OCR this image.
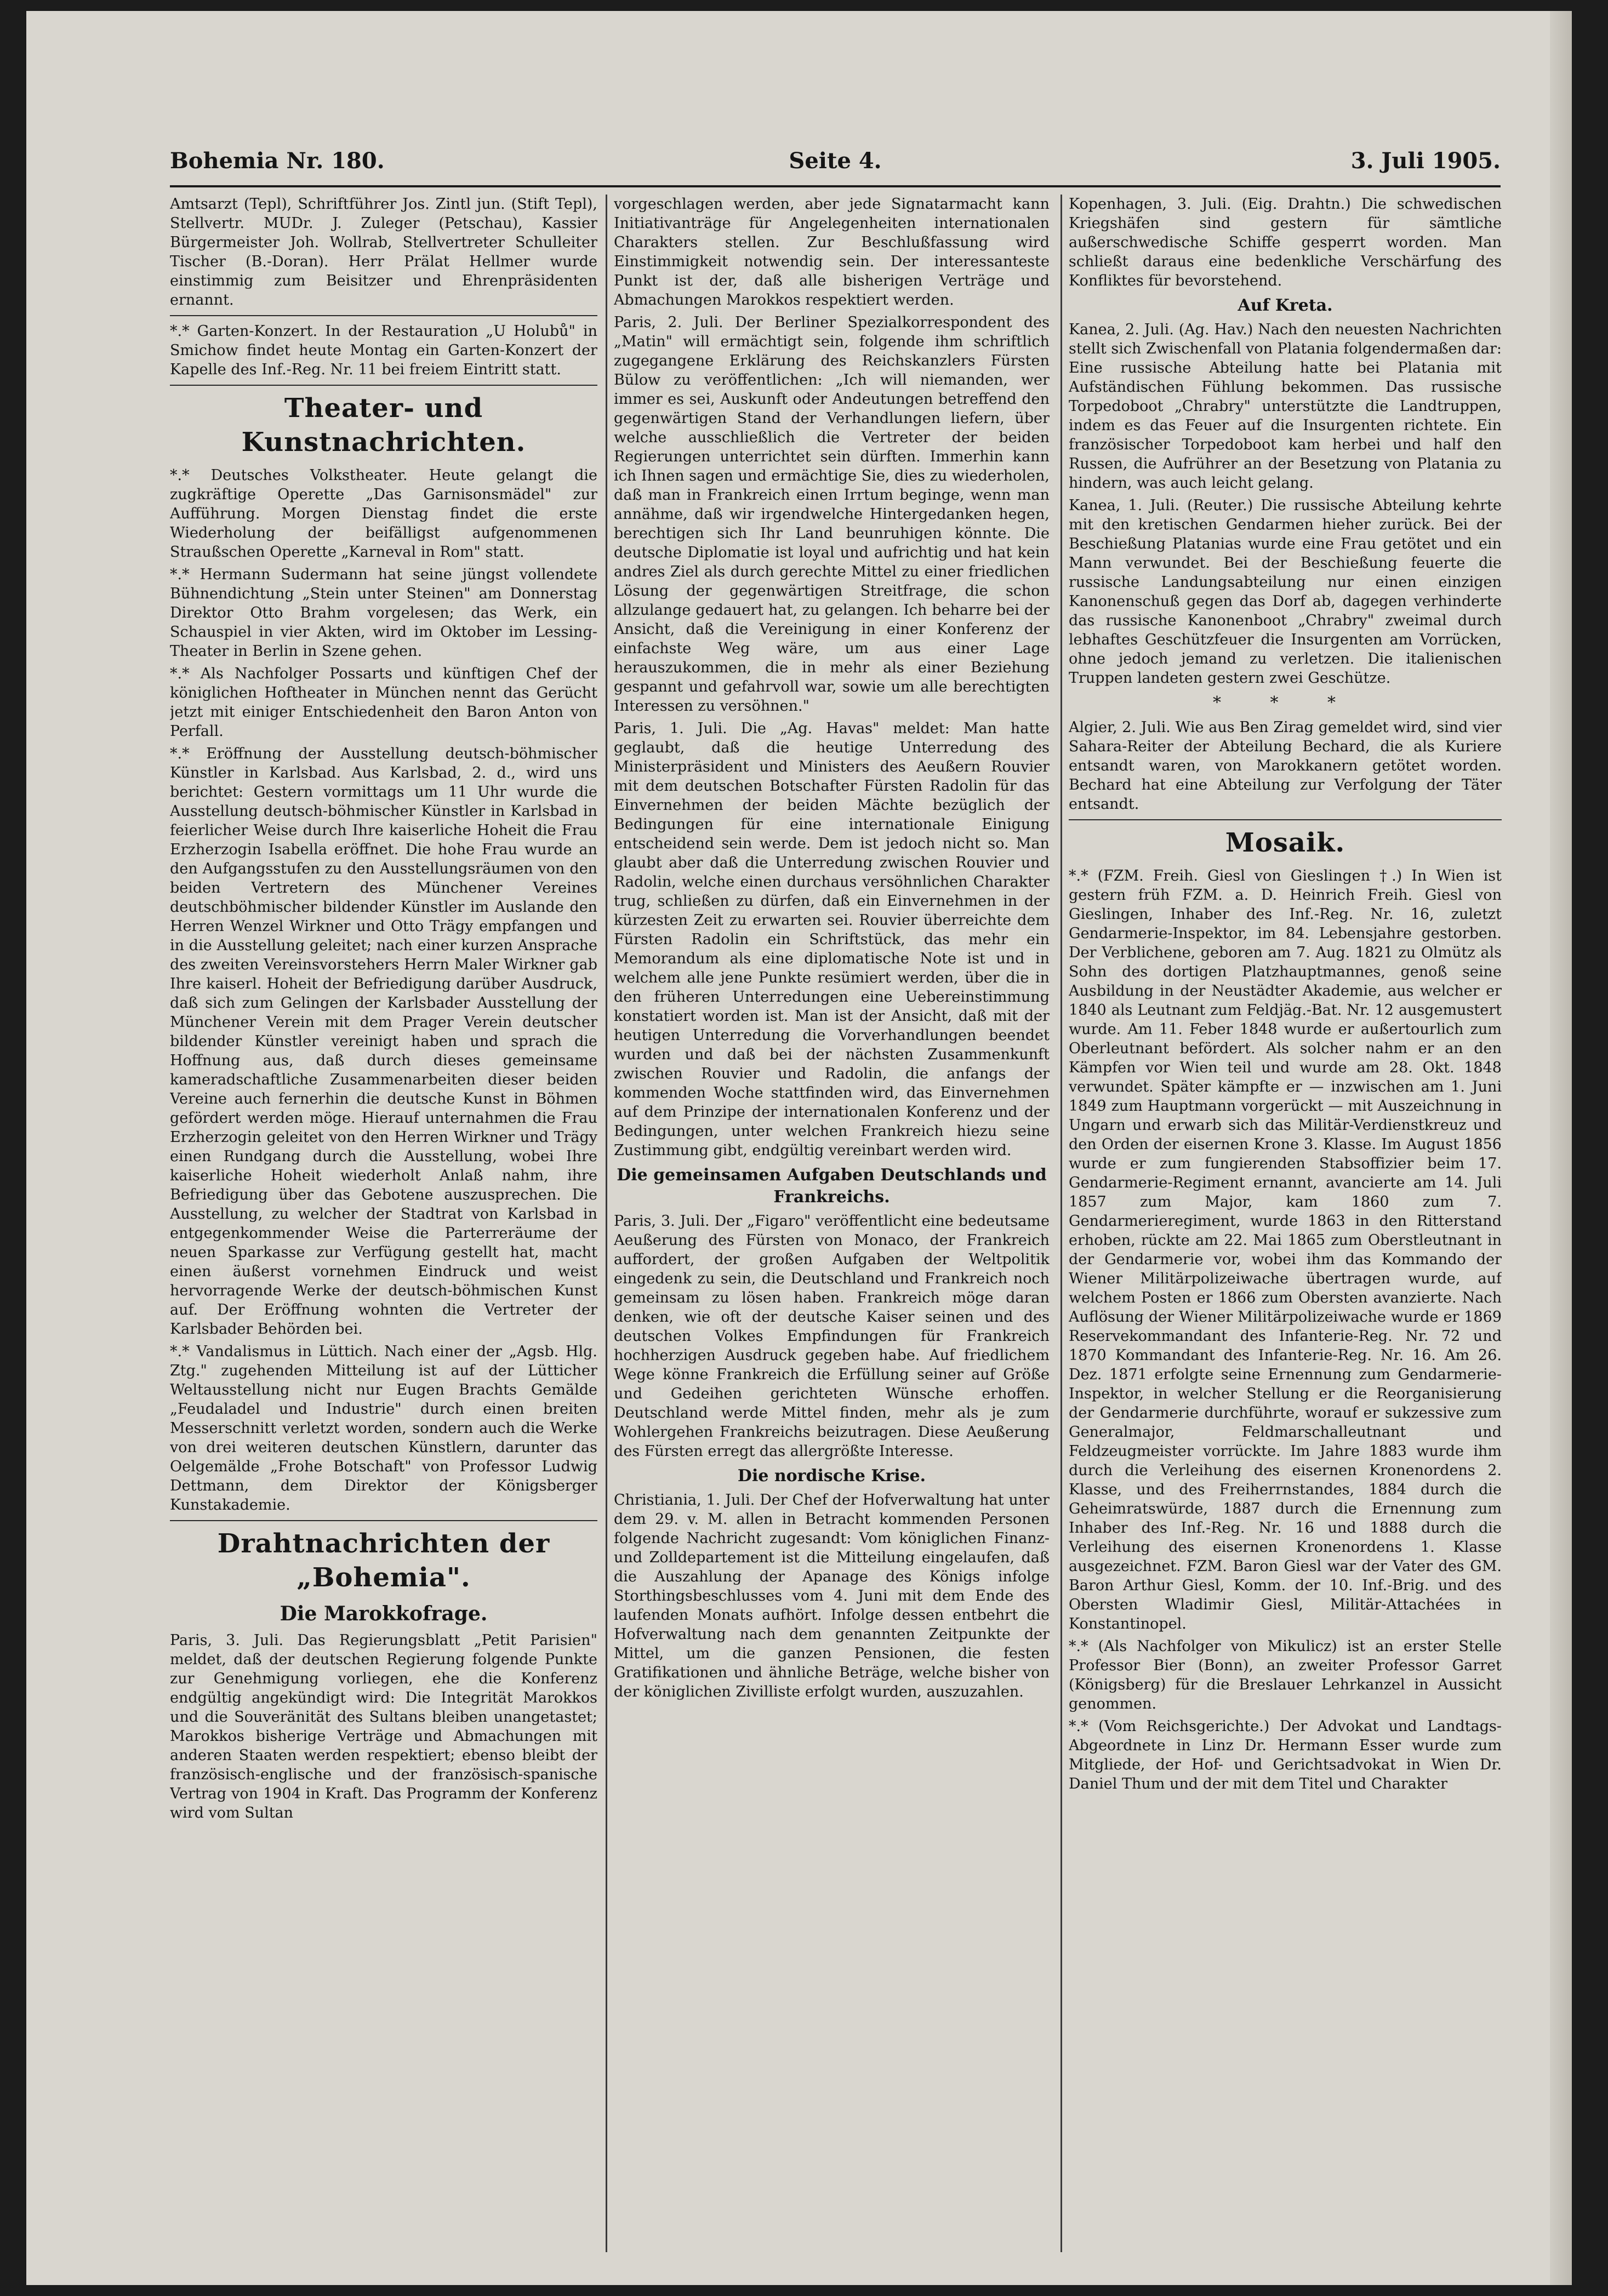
Bohemia Nr. 180.	Seite 4.	3. Juli 1905.

Amtsarzt (Tepl), Schriftführer Jos. Zintl jun. (Stift Tepl), Stellvertr. MUDr. J. Zuleger (Petschau), Kassier Bürgermeister Joh. Wollrab, Stellvertreter Schulleiter Tischer (B.-Doran). Herr Prälat Hellmer wurde einstimmig zum Beisitzer und Ehrenpräsidenten ernannt.

*.* Garten-Konzert. In der Restauration „U Holubů" in Smichow findet heute Montag ein Garten-Konzert der Kapelle des Inf.-Reg. Nr. 11 bei freiem Eintritt statt.

Theater- und Kunstnachrichten.

*.* Deutsches Volkstheater. Heute gelangt die zugkräftige Operette „Das Garnisonsmädel" zur Aufführung. Morgen Dienstag findet die erste Wiederholung der beifälligst aufgenommenen Straußschen Operette „Karneval in Rom" statt.

*.* Hermann Sudermann hat seine jüngst vollendete Bühnendichtung „Stein unter Steinen" am Donnerstag Direktor Otto Brahm vorgelesen; das Werk, ein Schauspiel in vier Akten, wird im Oktober im Lessing-Theater in Berlin in Szene gehen.

*.* Als Nachfolger Possarts und künftigen Chef der königlichen Hoftheater in München nennt das Gerücht jetzt mit einiger Entschiedenheit den Baron Anton von Perfall.

*.* Eröffnung der Ausstellung deutsch-böhmischer Künstler in Karlsbad. Aus Karlsbad, 2. d., wird uns berichtet: Gestern vormittags um 11 Uhr wurde die Ausstellung deutsch-böhmischer Künstler in Karlsbad in feierlicher Weise durch Ihre kaiserliche Hoheit die Frau Erzherzogin Isabella eröffnet. Die hohe Frau wurde an den Aufgangsstufen zu den Ausstellungsräumen von den beiden Vertretern des Münchener Vereines deutschböhmischer bildender Künstler im Auslande den Herren Wenzel Wirkner und Otto Trägy empfangen und in die Ausstellung geleitet; nach einer kurzen Ansprache des zweiten Vereinsvorstehers Herrn Maler Wirkner gab Ihre kaiserl. Hoheit der Befriedigung darüber Ausdruck, daß sich zum Gelingen der Karlsbader Ausstellung der Münchener Verein mit dem Prager Verein deutscher bildender Künstler vereinigt haben und sprach die Hoffnung aus, daß durch dieses gemeinsame kameradschaftliche Zusammenarbeiten dieser beiden Vereine auch fernerhin die deutsche Kunst in Böhmen gefördert werden möge. Hierauf unternahmen die Frau Erzherzogin geleitet von den Herren Wirkner und Trägy einen Rundgang durch die Ausstellung, wobei Ihre kaiserliche Hoheit wiederholt Anlaß nahm, ihre Befriedigung über das Gebotene auszusprechen. Die Ausstellung, zu welcher der Stadtrat von Karlsbad in entgegenkommender Weise die Parterreräume der neuen Sparkasse zur Verfügung gestellt hat, macht einen äußerst vornehmen Eindruck und weist hervorragende Werke der deutsch-böhmischen Kunst auf. Der Eröffnung wohnten die Vertreter der Karlsbader Behörden bei.

*.* Vandalismus in Lüttich. Nach einer der „Agsb. Hlg. Ztg." zugehenden Mitteilung ist auf der Lütticher Weltausstellung nicht nur Eugen Brachts Gemälde „Feudaladel und Industrie" durch einen breiten Messerschnitt verletzt worden, sondern auch die Werke von drei weiteren deutschen Künstlern, darunter das Oelgemälde „Frohe Botschaft" von Professor Ludwig Dettmann, dem Direktor der Königsberger Kunstakademie.

Drahtnachrichten der „Bohemia".
Die Marokkofrage.

Paris, 3. Juli. Das Regierungsblatt „Petit Parisien" meldet, daß der deutschen Regierung folgende Punkte zur Genehmigung vorliegen, ehe die Konferenz endgültig angekündigt wird: Die Integrität Marokkos und die Souveränität des Sultans bleiben unangetastet; Marokkos bisherige Verträge und Abmachungen mit anderen Staaten werden respektiert; ebenso bleibt der französisch-englische und der französisch-spanische Vertrag von 1904 in Kraft. Das Programm der Konferenz wird vom Sultan

vorgeschlagen werden, aber jede Signatarmacht kann Initiativanträge für Angelegenheiten internationalen Charakters stellen. Zur Beschlußfassung wird Einstimmigkeit notwendig sein. Der interessanteste Punkt ist der, daß alle bisherigen Verträge und Abmachungen Marokkos respektiert werden.

Paris, 2. Juli. Der Berliner Spezialkorrespondent des „Matin" will ermächtigt sein, folgende ihm schriftlich zugegangene Erklärung des Reichskanzlers Fürsten Bülow zu veröffentlichen: „Ich will niemanden, wer immer es sei, Auskunft oder Andeutungen betreffend den gegenwärtigen Stand der Verhandlungen liefern, über welche ausschließlich die Vertreter der beiden Regierungen unterrichtet sein dürften. Immerhin kann ich Ihnen sagen und ermächtige Sie, dies zu wiederholen, daß man in Frankreich einen Irrtum beginge, wenn man annähme, daß wir irgendwelche Hintergedanken hegen, berechtigen sich Ihr Land beunruhigen könnte. Die deutsche Diplomatie ist loyal und aufrichtig und hat kein andres Ziel als durch gerechte Mittel zu einer friedlichen Lösung der gegenwärtigen Streitfrage, die schon allzulange gedauert hat, zu gelangen. Ich beharre bei der Ansicht, daß die Vereinigung in einer Konferenz der einfachste Weg wäre, um aus einer Lage herauszukommen, die in mehr als einer Beziehung gespannt und gefahrvoll war, sowie um alle berechtigten Interessen zu versöhnen."

Paris, 1. Juli. Die „Ag. Havas" meldet: Man hatte geglaubt, daß die heutige Unterredung des Ministerpräsident und Ministers des Aeußern Rouvier mit dem deutschen Botschafter Fürsten Radolin für das Einvernehmen der beiden Mächte bezüglich der Bedingungen für eine internationale Einigung entscheidend sein werde. Dem ist jedoch nicht so. Man glaubt aber daß die Unterredung zwischen Rouvier und Radolin, welche einen durchaus versöhnlichen Charakter trug, schließen zu dürfen, daß ein Einvernehmen in der kürzesten Zeit zu erwarten sei. Rouvier überreichte dem Fürsten Radolin ein Schriftstück, das mehr ein Memorandum als eine diplomatische Note ist und in welchem alle jene Punkte resümiert werden, über die in den früheren Unterredungen eine Uebereinstimmung konstatiert worden ist. Man ist der Ansicht, daß mit der heutigen Unterredung die Vorverhandlungen beendet wurden und daß bei der nächsten Zusammenkunft zwischen Rouvier und Radolin, die anfangs der kommenden Woche stattfinden wird, das Einvernehmen auf dem Prinzipe der internationalen Konferenz und der Bedingungen, unter welchen Frankreich hiezu seine Zustimmung gibt, endgültig vereinbart werden wird.

Die gemeinsamen Aufgaben Deutschlands und Frankreichs.

Paris, 3. Juli. Der „Figaro" veröffentlicht eine bedeutsame Aeußerung des Fürsten von Monaco, der Frankreich auffordert, der großen Aufgaben der Weltpolitik eingedenk zu sein, die Deutschland und Frankreich noch gemeinsam zu lösen haben. Frankreich möge daran denken, wie oft der deutsche Kaiser seinen und des deutschen Volkes Empfindungen für Frankreich hochherzigen Ausdruck gegeben habe. Auf friedlichem Wege könne Frankreich die Erfüllung seiner auf Größe und Gedeihen gerichteten Wünsche erhoffen. Deutschland werde Mittel finden, mehr als je zum Wohlergehen Frankreichs beizutragen. Diese Aeußerung des Fürsten erregt das allergrößte Interesse.

Die nordische Krise.

Christiania, 1. Juli. Der Chef der Hofverwaltung hat unter dem 29. v. M. allen in Betracht kommenden Personen folgende Nachricht zugesandt: Vom königlichen Finanz- und Zolldepartement ist die Mitteilung eingelaufen, daß die Auszahlung der Apanage des Königs infolge Storthingsbeschlusses vom 4. Juni mit dem Ende des laufenden Monats aufhört. Infolge dessen entbehrt die Hofverwaltung nach dem genannten Zeitpunkte der Mittel, um die ganzen Pensionen, die festen Gratifikationen und ähnliche Beträge, welche bisher von der königlichen Zivilliste erfolgt wurden, auszuzahlen.

Kopenhagen, 3. Juli. (Eig. Drahtn.) Die schwedischen Kriegshäfen sind gestern für sämtliche außerschwedische Schiffe gesperrt worden. Man schließt daraus eine bedenkliche Verschärfung des Konfliktes für bevorstehend.

Auf Kreta.

Kanea, 2. Juli. (Ag. Hav.) Nach den neuesten Nachrichten stellt sich Zwischenfall von Platania folgendermaßen dar: Eine russische Abteilung hatte bei Platania mit Aufständischen Fühlung bekommen. Das russische Torpedoboot „Chrabry" unterstützte die Landtruppen, indem es das Feuer auf die Insurgenten richtete. Ein französischer Torpedoboot kam herbei und half den Russen, die Aufrührer an der Besetzung von Platania zu hindern, was auch leicht gelang.

Kanea, 1. Juli. (Reuter.) Die russische Abteilung kehrte mit den kretischen Gendarmen hieher zurück. Bei der Beschießung Platanias wurde eine Frau getötet und ein Mann verwundet. Bei der Beschießung feuerte die russische Landungsabteilung nur einen einzigen Kanonenschuß gegen das Dorf ab, dagegen verhinderte das russische Kanonenboot „Chrabry" zweimal durch lebhaftes Geschützfeuer die Insurgenten am Vorrücken, ohne jedoch jemand zu verletzen. Die italienischen Truppen landeten gestern zwei Geschütze.

* * *

Algier, 2. Juli. Wie aus Ben Zirag gemeldet wird, sind vier Sahara-Reiter der Abteilung Bechard, die als Kuriere entsandt waren, von Marokkanern getötet worden. Bechard hat eine Abteilung zur Verfolgung der Täter entsandt.

Mosaik.

*.* (FZM. Freih. Giesl von Gieslingen †.) In Wien ist gestern früh FZM. a. D. Heinrich Freih. Giesl von Gieslingen, Inhaber des Inf.-Reg. Nr. 16, zuletzt Gendarmerie-Inspektor, im 84. Lebensjahre gestorben. Der Verblichene, geboren am 7. Aug. 1821 zu Olmütz als Sohn des dortigen Platzhauptmannes, genoß seine Ausbildung in der Neustädter Akademie, aus welcher er 1840 als Leutnant zum Feldjäg.-Bat. Nr. 12 ausgemustert wurde. Am 11. Feber 1848 wurde er außertourlich zum Oberleutnant befördert. Als solcher nahm er an den Kämpfen vor Wien teil und wurde am 28. Okt. 1848 verwundet. Später kämpfte er — inzwischen am 1. Juni 1849 zum Hauptmann vorgerückt — mit Auszeichnung in Ungarn und erwarb sich das Militär-Verdienstkreuz und den Orden der eisernen Krone 3. Klasse. Im August 1856 wurde er zum fungierenden Stabsoffizier beim 17. Gendarmerie-Regiment ernannt, avancierte am 14. Juli 1857 zum Major, kam 1860 zum 7. Gendarmerieregiment, wurde 1863 in den Ritterstand erhoben, rückte am 22. Mai 1865 zum Oberstleutnant in der Gendarmerie vor, wobei ihm das Kommando der Wiener Militärpolizeiwache übertragen wurde, auf welchem Posten er 1866 zum Obersten avanzierte. Nach Auflösung der Wiener Militärpolizeiwache wurde er 1869 Reservekommandant des Infanterie-Reg. Nr. 72 und 1870 Kommandant des Infanterie-Reg. Nr. 16. Am 26. Dez. 1871 erfolgte seine Ernennung zum Gendarmerie-Inspektor, in welcher Stellung er die Reorganisierung der Gendarmerie durchführte, worauf er sukzessive zum Generalmajor, Feldmarschalleutnant und Feldzeugmeister vorrückte. Im Jahre 1883 wurde ihm durch die Verleihung des eisernen Kronenordens 2. Klasse, und des Freiherrnstandes, 1884 durch die Geheimratswürde, 1887 durch die Ernennung zum Inhaber des Inf.-Reg. Nr. 16 und 1888 durch die Verleihung des eisernen Kronenordens 1. Klasse ausgezeichnet. FZM. Baron Giesl war der Vater des GM. Baron Arthur Giesl, Komm. der 10. Inf.-Brig. und des Obersten Wladimir Giesl, Militär-Attachées in Konstantinopel.

*.* (Als Nachfolger von Mikulicz) ist an erster Stelle Professor Bier (Bonn), an zweiter Professor Garret (Königsberg) für die Breslauer Lehrkanzel in Aussicht genommen.

*.* (Vom Reichsgerichte.) Der Advokat und Landtags-Abgeordnete in Linz Dr. Hermann Esser wurde zum Mitgliede, der Hof- und Gerichtsadvokat in Wien Dr. Daniel Thum und der mit dem Titel und Charakter
